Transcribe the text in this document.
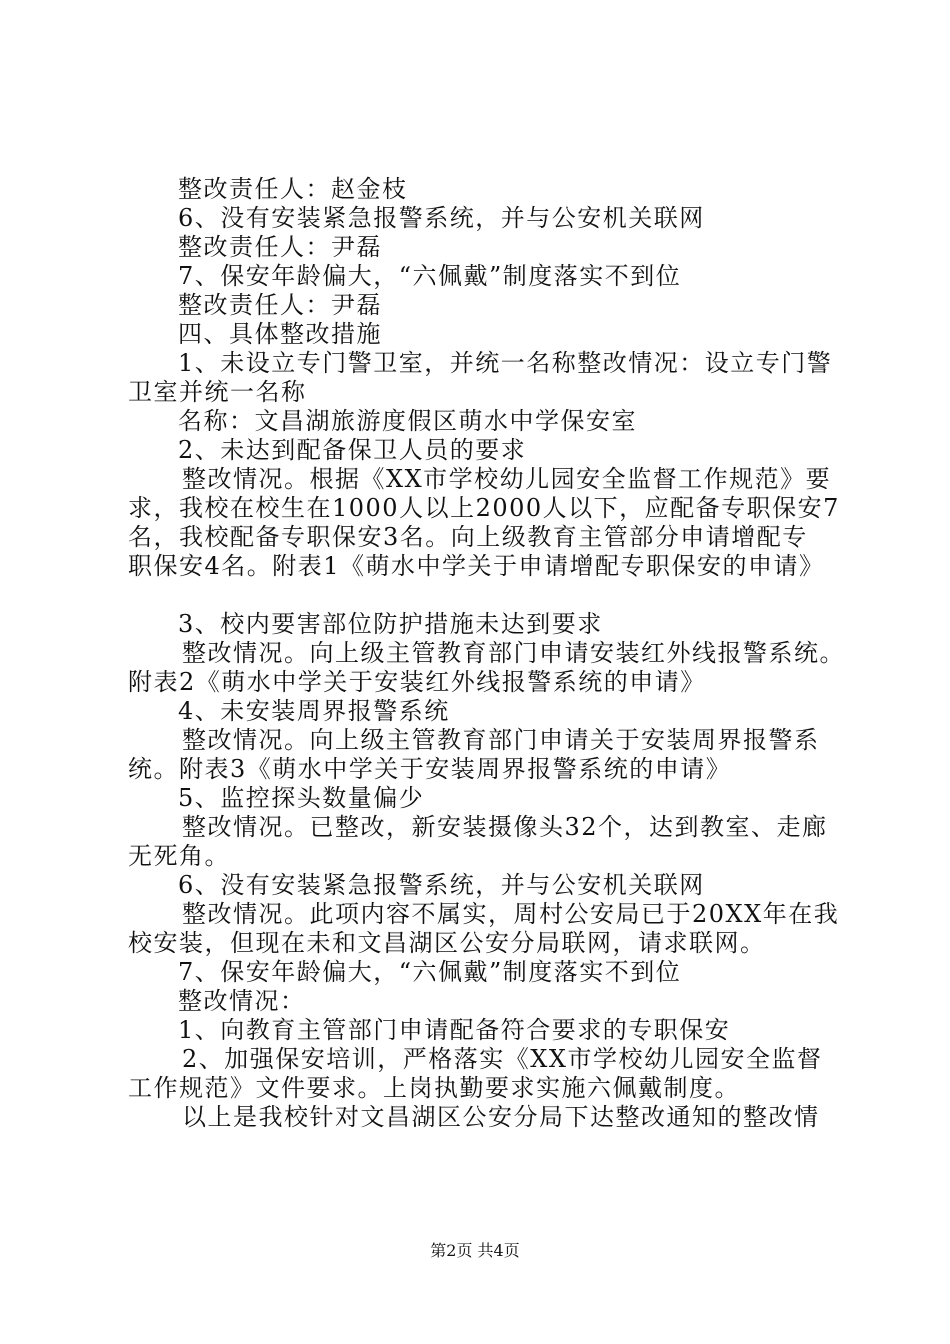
整改责任人：赵金枝
6、没有安装紧急报警系统，并与公安机关联网
整改责任人：尹磊
7、保安年龄偏大，“六佩戴”制度落实不到位
整改责任人：尹磊
四、具体整改措施
1、未设立专门警卫室，并统一名称整改情况：设立专门警
卫室并统一名称
名称：文昌湖旅游度假区萌水中学保安室
2、未达到配备保卫人员的要求
整改情况。根据《XX市学校幼儿园安全监督工作规范》要
求，我校在校生在1000人以上2000人以下，应配备专职保安7
名，我校配备专职保安3名。向上级教育主管部分申请增配专
职保安4名。附表1《萌水中学关于申请增配专职保安的申请》
3、校内要害部位防护措施未达到要求
整改情况。向上级主管教育部门申请安装红外线报警系统。
附表2《萌水中学关于安装红外线报警系统的申请》
4、未安装周界报警系统
整改情况。向上级主管教育部门申请关于安装周界报警系
统。附表3《萌水中学关于安装周界报警系统的申请》
5、监控探头数量偏少
整改情况。已整改，新安装摄像头32个，达到教室、走廊
无死角。
6、没有安装紧急报警系统，并与公安机关联网
整改情况。此项内容不属实，周村公安局已于20XX年在我
校安装，但现在未和文昌湖区公安分局联网，请求联网。
7、保安年龄偏大，“六佩戴”制度落实不到位
整改情况：
1、向教育主管部门申请配备符合要求的专职保安
2、加强保安培训，严格落实《XX市学校幼儿园安全监督
工作规范》文件要求。上岗执勤要求实施六佩戴制度。
以上是我校针对文昌湖区公安分局下达整改通知的整改情
第2页 共4页
